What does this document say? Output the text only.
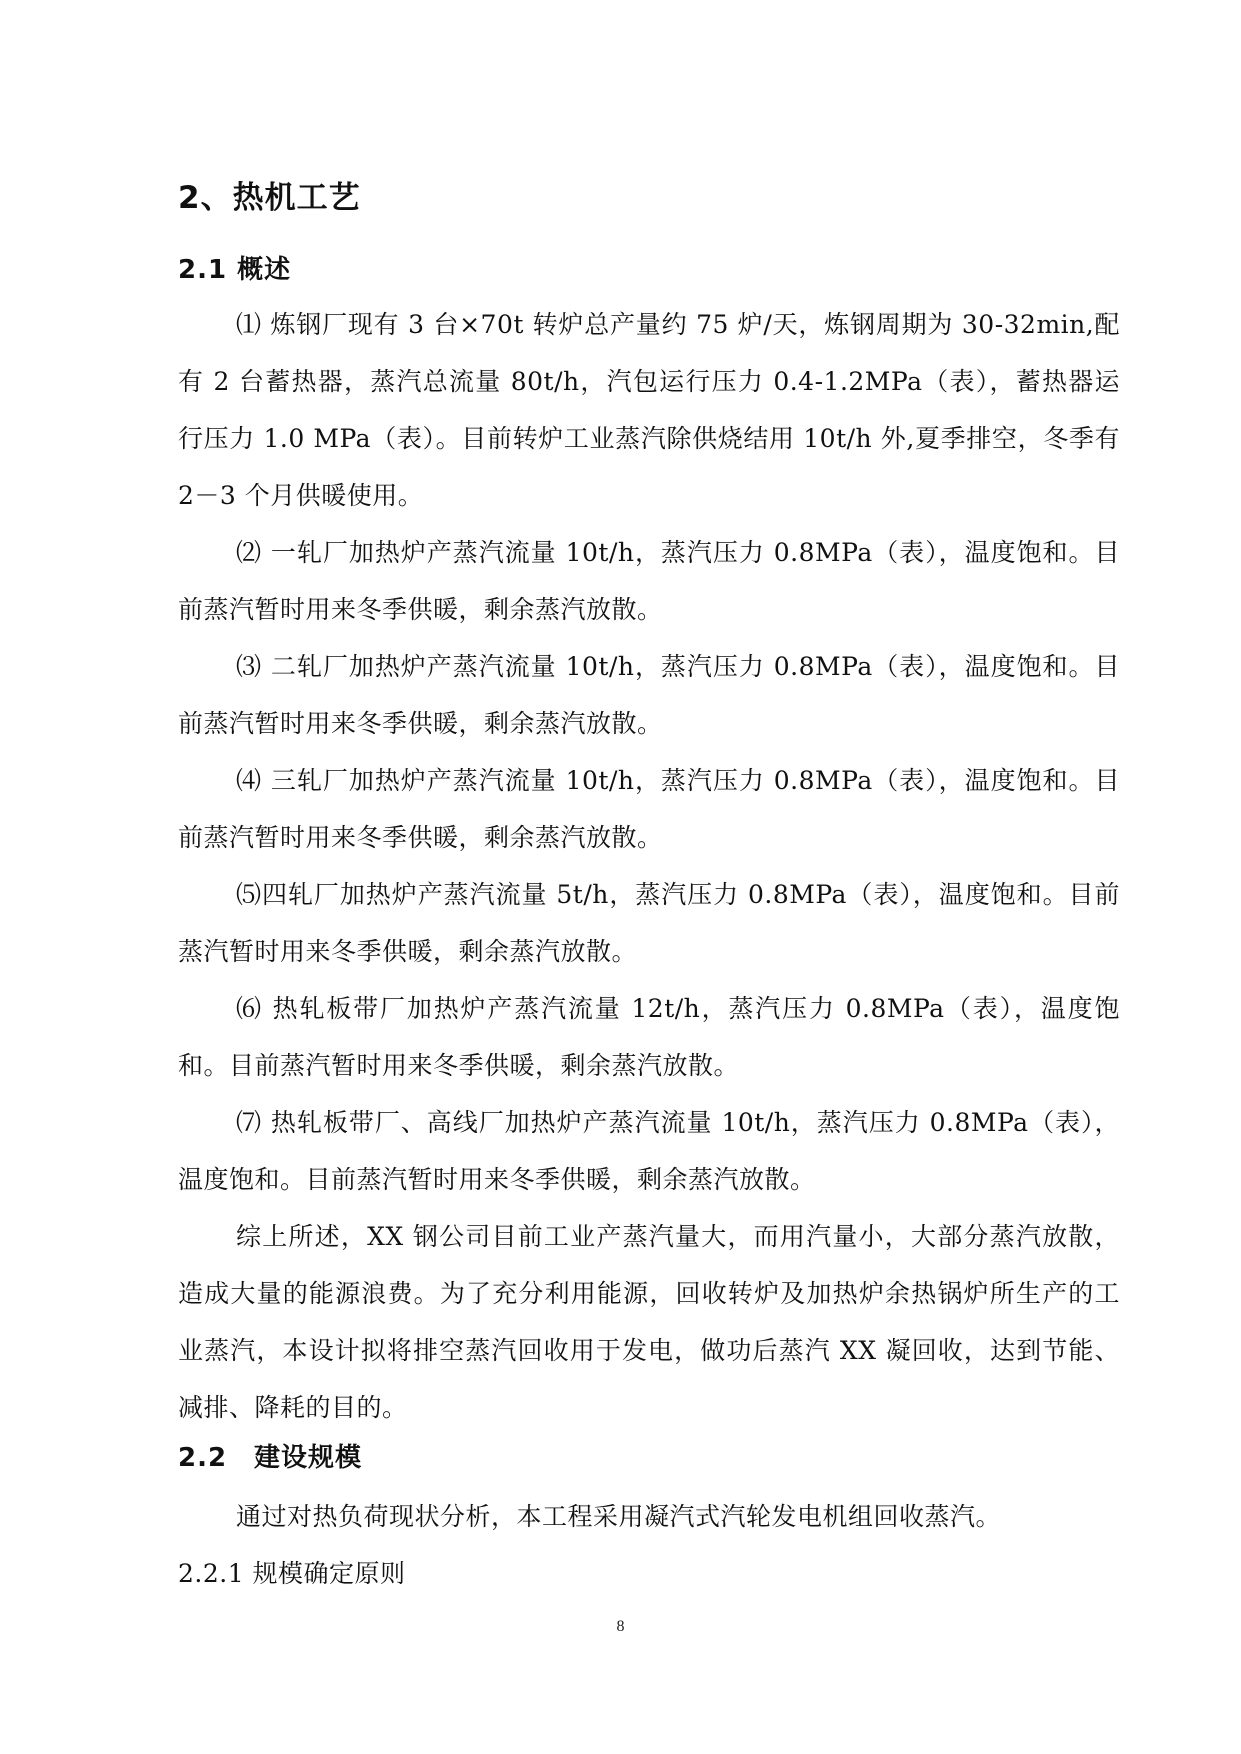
2、热机工艺
2.1 概述

⑴ 炼钢厂现有 3 台×70t 转炉总产量约 75 炉/天，炼钢周期为 30-32min,配有 2 台蓄热器，蒸汽总流量 80t/h，汽包运行压力 0.4-1.2MPa（表），蓄热器运行压力 1.0 MPa（表）。目前转炉工业蒸汽除供烧结用 10t/h 外,夏季排空，冬季有 2－3 个月供暖使用。

⑵ 一轧厂加热炉产蒸汽流量 10t/h，蒸汽压力 0.8MPa（表），温度饱和。目前蒸汽暂时用来冬季供暖，剩余蒸汽放散。

⑶ 二轧厂加热炉产蒸汽流量 10t/h，蒸汽压力 0.8MPa（表），温度饱和。目前蒸汽暂时用来冬季供暖，剩余蒸汽放散。

⑷ 三轧厂加热炉产蒸汽流量 10t/h，蒸汽压力 0.8MPa（表），温度饱和。目前蒸汽暂时用来冬季供暖，剩余蒸汽放散。

⑸四轧厂加热炉产蒸汽流量 5t/h，蒸汽压力 0.8MPa（表），温度饱和。目前蒸汽暂时用来冬季供暖，剩余蒸汽放散。

⑹ 热轧板带厂加热炉产蒸汽流量 12t/h，蒸汽压力 0.8MPa（表），温度饱和。目前蒸汽暂时用来冬季供暖，剩余蒸汽放散。

⑺ 热轧板带厂、高线厂加热炉产蒸汽流量 10t/h，蒸汽压力 0.8MPa（表），温度饱和。目前蒸汽暂时用来冬季供暖，剩余蒸汽放散。

综上所述，XX 钢公司目前工业产蒸汽量大，而用汽量小，大部分蒸汽放散，造成大量的能源浪费。为了充分利用能源，回收转炉及加热炉余热锅炉所生产的工业蒸汽，本设计拟将排空蒸汽回收用于发电，做功后蒸汽 XX 凝回收，达到节能、减排、降耗的目的。

2.2　建设规模

通过对热负荷现状分析，本工程采用凝汽式汽轮发电机组回收蒸汽。

2.2.1 规模确定原则

8
